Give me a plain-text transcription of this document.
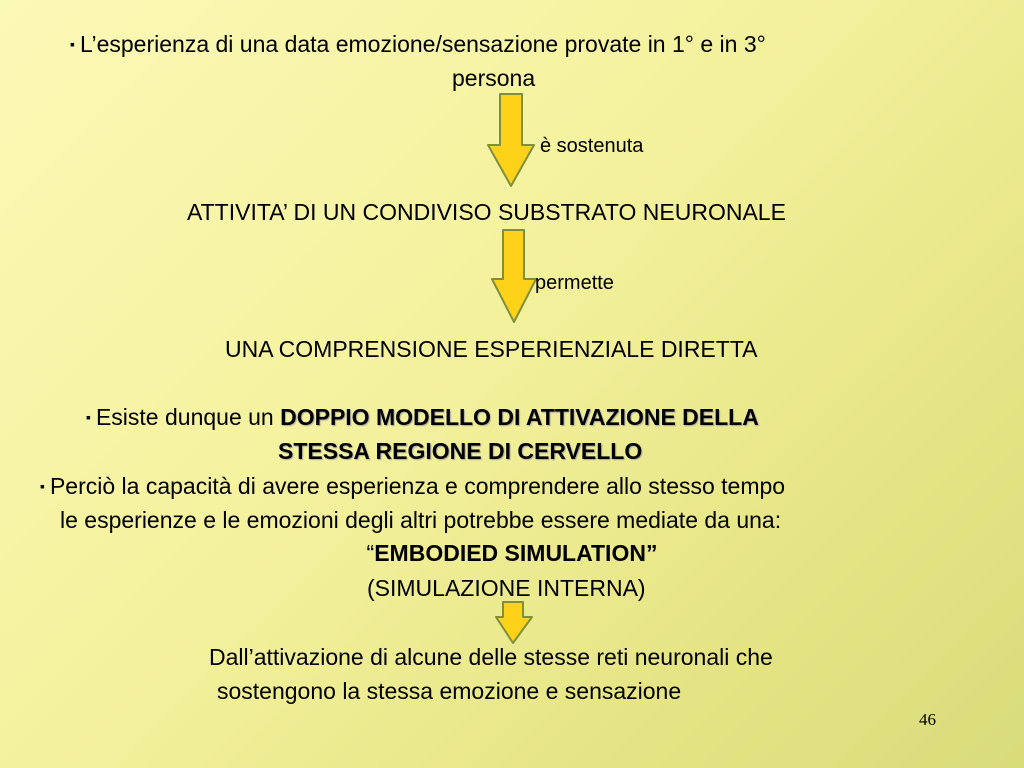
▪ L’esperienza di una data emozione/sensazione provate in 1° e in 3°
persona
è sostenuta
ATTIVITA’ DI UN CONDIVISO SUBSTRATO NEURONALE
permette
UNA COMPRENSIONE ESPERIENZIALE DIRETTA
▪ Esiste dunque un DOPPIO MODELLO DI ATTIVAZIONE DELLA
STESSA REGIONE DI CERVELLO
▪ Perciò la capacità di avere esperienza e comprendere allo stesso tempo
le esperienze e le emozioni degli altri potrebbe essere mediate da una:
“EMBODIED SIMULATION”
(SIMULAZIONE INTERNA)
Dall’attivazione di alcune delle stesse reti neuronali che
sostengono la stessa emozione e sensazione
46
